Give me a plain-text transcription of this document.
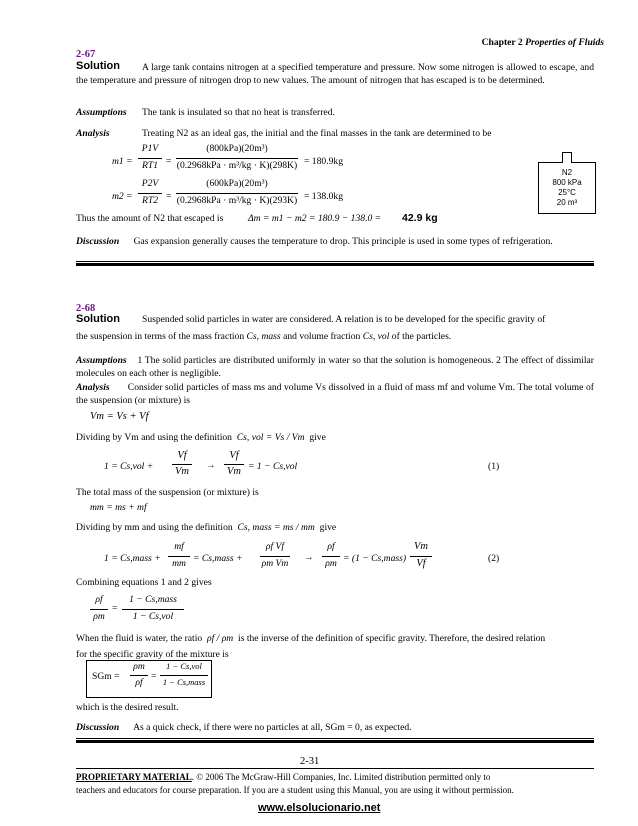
Chapter 2 Properties of Fluids
2-67
Solution	A large tank contains nitrogen at a specified temperature and pressure. Now some nitrogen is allowed to escape, and the temperature and pressure of nitrogen drop to new values. The amount of nitrogen that has escaped is to be determined.
Assumptions The tank is insulated so that no heat is transferred.
Analysis	Treating N2 as an ideal gas, the initial and the final masses in the tank are determined to be
m1 =
P1V
RT1 =
(800kPa)(20m³)
(0.2968kPa · m³/kg · K)(298K) = 180.9kg
m2 =
P2V
RT2 =
(600kPa)(20m³)
(0.2968kPa · m³/kg · K)(293K) = 138.0kg
N2
800 kPa
25°C
20 m³
Thus the amount of N2 that escaped is	Δm = m1 − m2 = 180.9 − 138.0 = 42.9 kg
Discussion Gas expansion generally causes the temperature to drop. This principle is used in some types of refrigeration.
2-68
Solution Suspended solid particles in water are considered. A relation is to be developed for the specific gravity of
the suspension in terms of the mass fraction Cs, mass and volume fraction Cs, vol of the particles.
Assumptions 1 The solid particles are distributed uniformly in water so that the solution is homogeneous. 2 The effect of dissimilar molecules on each other is negligible.
Analysis Consider solid particles of mass ms and volume Vs dissolved in a fluid of mass mf and volume Vm. The total volume of the suspension (or mixture) is
Vm = Vs + Vf
Dividing by Vm and using the definition Cs, vol = Vs / Vm give
1 = Cs,vol +
Vf
Vm
→
Vf
Vm = 1 − Cs,vol	(1)
The total mass of the suspension (or mixture) is
mm = ms + mf
Dividing by mm and using the definition Cs, mass = ms / mm give
1 = Cs,mass +
mf
mm = Cs,mass +
ρf Vf
ρm Vm
→
ρf
ρm = (1 − Cs,mass)
Vm
Vf	(2)
Combining equations 1 and 2 gives
ρf
ρm
=
1 − Cs,mass
1 − Cs,vol
When the fluid is water, the ratio ρf / ρm is the inverse of the definition of specific gravity. Therefore, the desired relation
for the specific gravity of the mixture is
SGm =
ρm
ρf
=
1 − Cs,vol
1 − Cs,mass
which is the desired result.
Discussion As a quick check, if there were no particles at all, SGm = 0, as expected.
2-31
PROPRIETARY MATERIAL. © 2006 The McGraw-Hill Companies, Inc. Limited distribution permitted only to
teachers and educators for course preparation. If you are a student using this Manual, you are using it without permission.
www.elsolucionario.net
